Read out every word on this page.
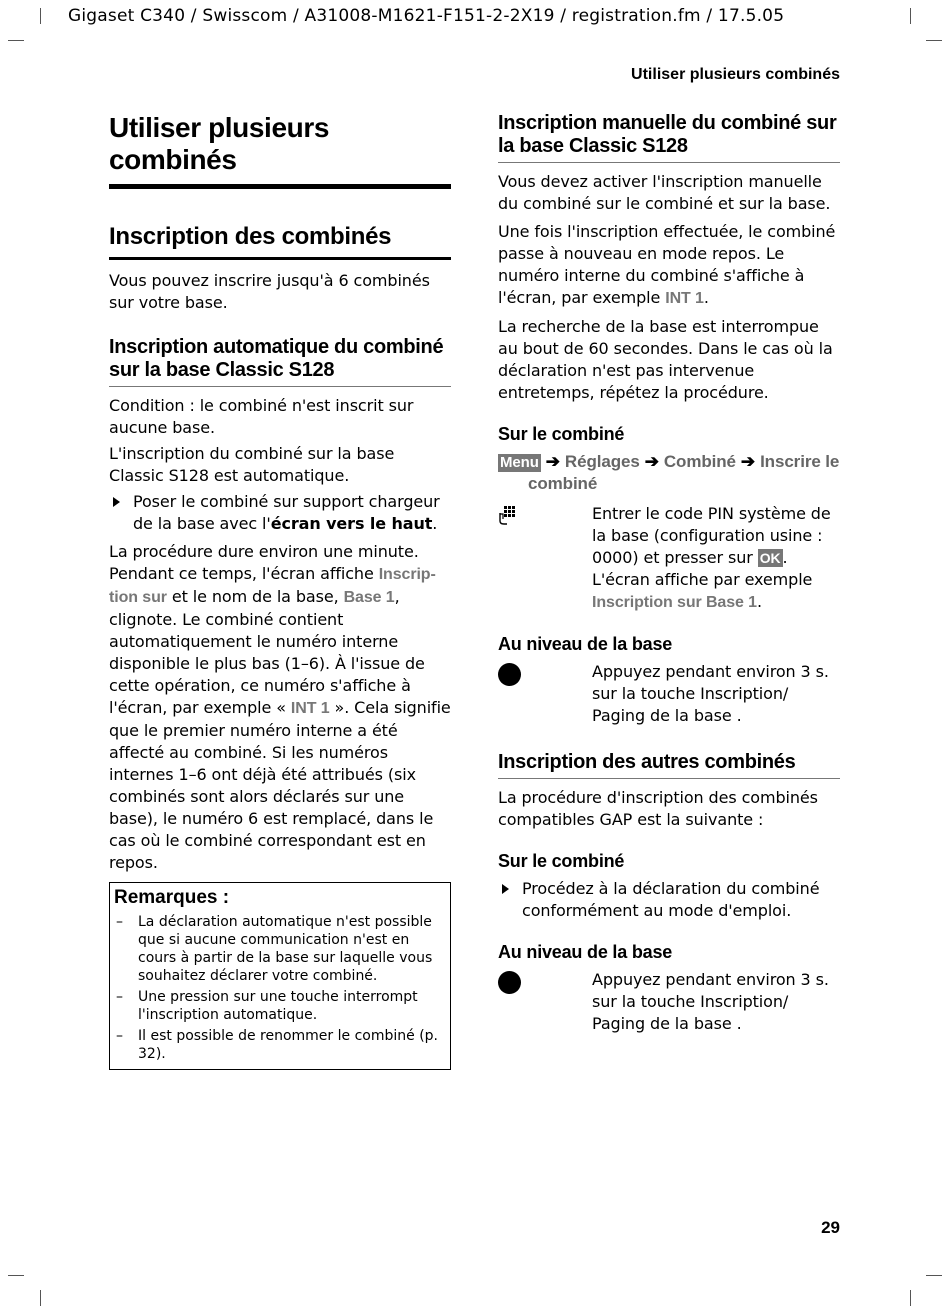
Gigaset C340 / Swisscom / A31008-M1621-F151-2-2X19 / registration.fm / 17.5.05
Utiliser plusieurs combinés
Utiliser plusieurs combinés
Inscription des combinés

Vous pouvez inscrire jusqu'à 6 combinés sur votre base.

Inscription automatique du combiné sur la base Classic S128

Condition : le combiné n'est inscrit sur aucune base.

L'inscription du combiné sur la base Classic S128 est automatique.

Poser le combiné sur support chargeur de la base avec l'écran vers le haut.

La procédure dure environ une minute. Pendant ce temps, l'écran affiche Inscrip-tion sur et le nom de la base, Base 1, clignote. Le combiné contient automatiquement le numéro interne disponible le plus bas (1–6). À l'issue de cette opération, ce numéro s'affiche à l'écran, par exemple « INT 1 ». Cela signifie que le premier numéro interne a été affecté au combiné. Si les numéros internes 1–6 ont déjà été attribués (six combinés sont alors déclarés sur une base), le numéro 6 est remplacé, dans le cas où le combiné correspondant est en repos.

Remarques :
– La déclaration automatique n'est possible que si aucune communication n'est en cours à partir de la base sur laquelle vous souhaitez déclarer votre combiné.
– Une pression sur une touche interrompt l'inscription automatique.
– Il est possible de renommer le combiné (p. 32).
Inscription manuelle du combiné sur la base Classic S128

Vous devez activer l'inscription manuelle du combiné sur le combiné et sur la base.

Une fois l'inscription effectuée, le combiné passe à nouveau en mode repos. Le numéro interne du combiné s'affiche à l'écran, par exemple INT 1.

La recherche de la base est interrompue au bout de 60 secondes. Dans le cas où la déclaration n'est pas intervenue entretemps, répétez la procédure.

Sur le combiné

Menu ➔ Réglages ➔ Combiné ➔ Inscrire le combiné

Entrer le code PIN système de la base (configuration usine : 0000) et presser sur OK . L'écran affiche par exemple Inscription sur Base 1.

Au niveau de la base

Appuyez pendant environ 3 s. sur la touche Inscription/ Paging de la base .

Inscription des autres combinés

La procédure d'inscription des combinés compatibles GAP est la suivante :

Sur le combiné

Procédez à la déclaration du combiné conformément au mode d'emploi.

Au niveau de la base

Appuyez pendant environ 3 s. sur la touche Inscription/ Paging de la base .

29
